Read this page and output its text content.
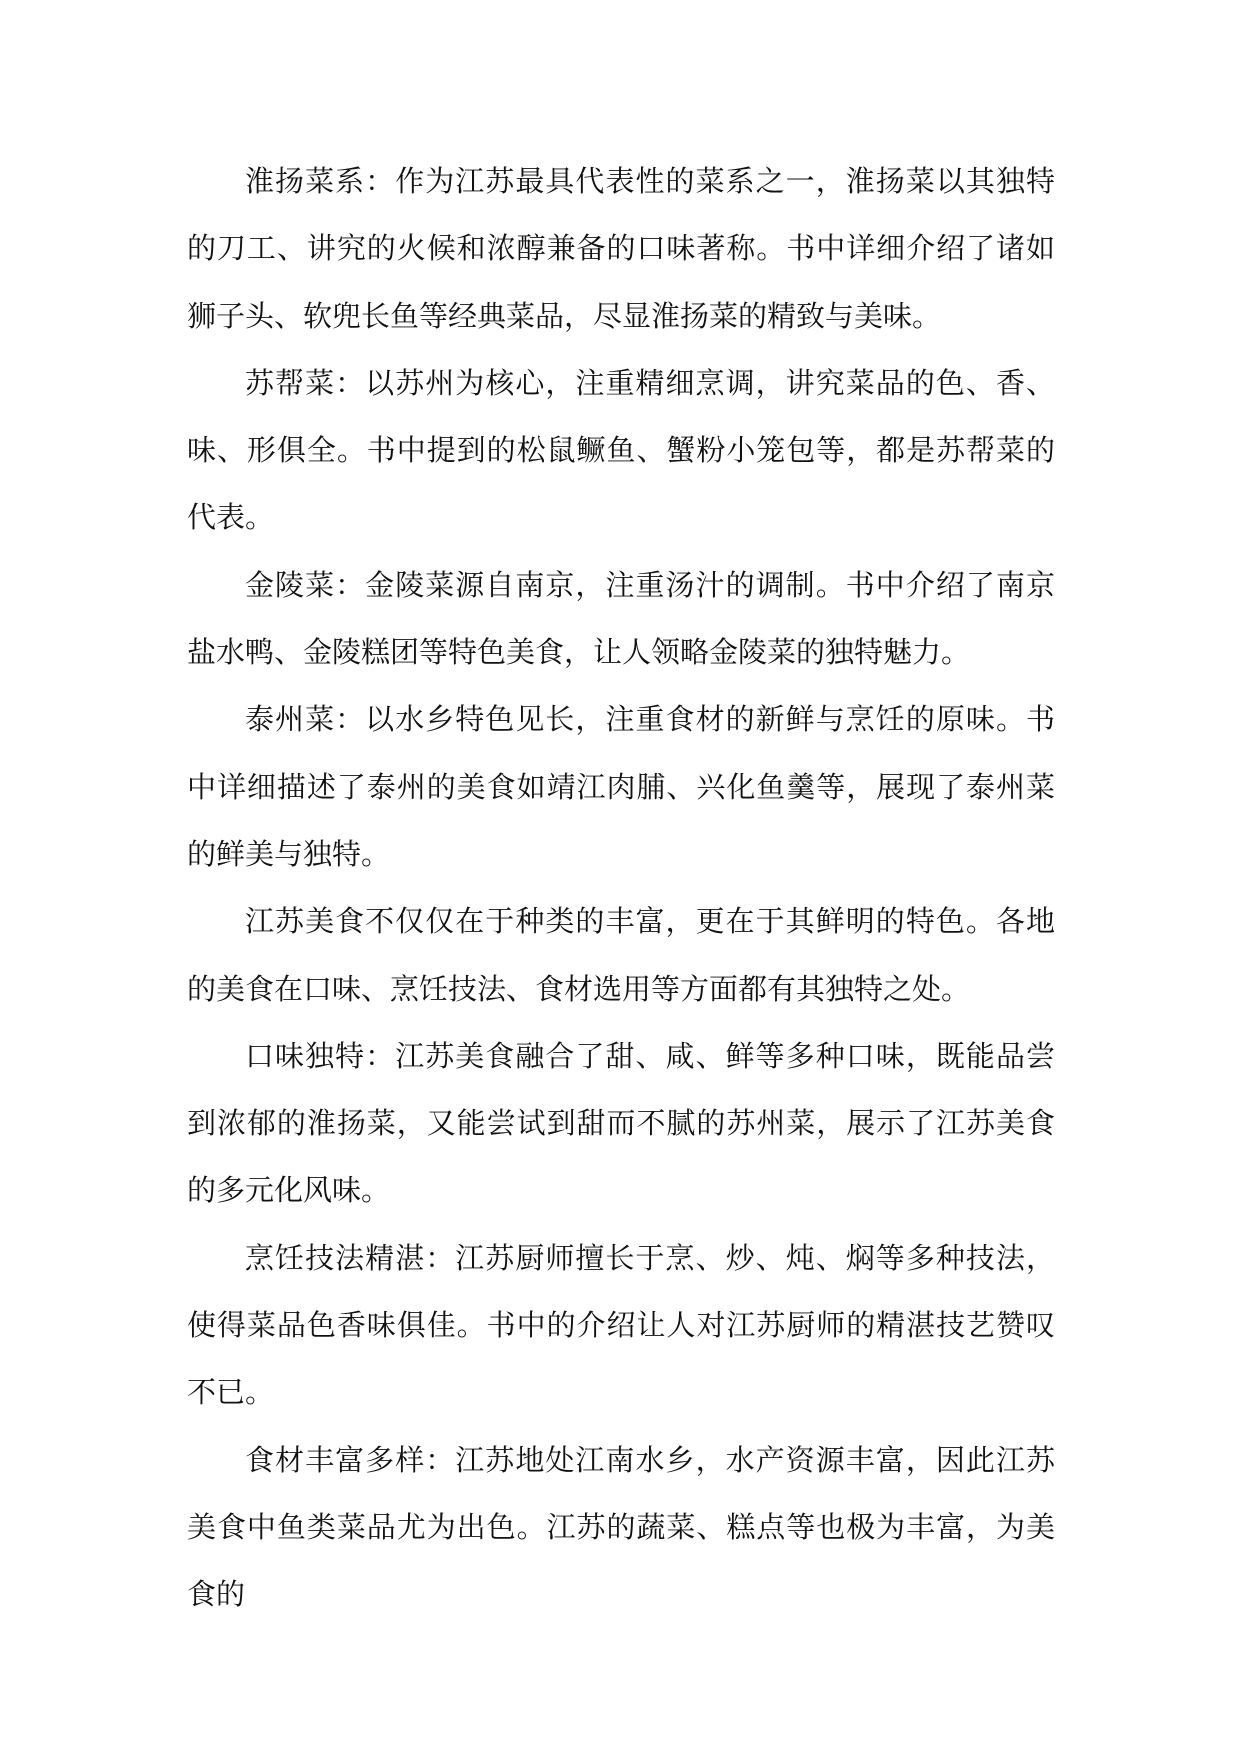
淮扬菜系：作为江苏最具代表性的菜系之一，淮扬菜以其独特的刀工、讲究的火候和浓醇兼备的口味著称。书中详细介绍了诸如狮子头、软兜长鱼等经典菜品，尽显淮扬菜的精致与美味。

苏帮菜：以苏州为核心，注重精细烹调，讲究菜品的色、香、味、形俱全。书中提到的松鼠鳜鱼、蟹粉小笼包等，都是苏帮菜的代表。

金陵菜：金陵菜源自南京，注重汤汁的调制。书中介绍了南京盐水鸭、金陵糕团等特色美食，让人领略金陵菜的独特魅力。

泰州菜：以水乡特色见长，注重食材的新鲜与烹饪的原味。书中详细描述了泰州的美食如靖江肉脯、兴化鱼羹等，展现了泰州菜的鲜美与独特。

江苏美食不仅仅在于种类的丰富，更在于其鲜明的特色。各地的美食在口味、烹饪技法、食材选用等方面都有其独特之处。

口味独特：江苏美食融合了甜、咸、鲜等多种口味，既能品尝到浓郁的淮扬菜，又能尝试到甜而不腻的苏州菜，展示了江苏美食的多元化风味。

烹饪技法精湛：江苏厨师擅长于烹、炒、炖、焖等多种技法，使得菜品色香味俱佳。书中的介绍让人对江苏厨师的精湛技艺赞叹不已。

食材丰富多样：江苏地处江南水乡，水产资源丰富，因此江苏美食中鱼类菜品尤为出色。江苏的蔬菜、糕点等也极为丰富，为美食的
